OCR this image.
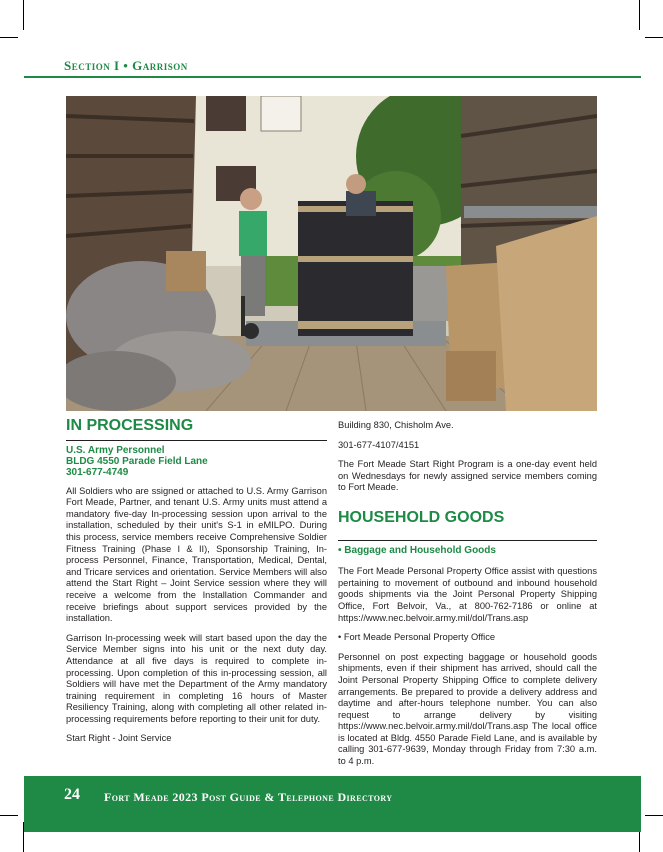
Section I • Garrison
IN PROCESSING
U.S. Army Personnel
BLDG 4550 Parade Field Lane
301-677-4749

All Soldiers who are ssigned or attached to U.S. Army Garrison Fort Meade, Partner, and tenant U.S. Army units must attend a mandatory five-day In-processing session upon arrival to the installation, scheduled by their unit's S-1 in eMILPO. During this process, service members receive Comprehensive Soldier Fitness Training (Phase I & II), Sponsorship Training, In-process Personnel, Finance, Transportation, Medical, Dental, and Tricare services and orientation. Service Members will also attend the Start Right – Joint Service session where they will receive a welcome from the Installation Commander and receive briefings about support services provided by the installation.

Garrison In-processing week will start based upon the day the Service Member signs into his unit or the next duty day. Attendance at all five days is required to complete in-processing. Upon completion of this in-processing session, all Soldiers will have met the Department of the Army mandatory training requirement in completing 16 hours of Master Resiliency Training, along with completing all other related in-processing requirements before reporting to their unit for duty.

Start Right - Joint Service

Building 830, Chisholm Ave.

301-677-4107/4151

The Fort Meade Start Right Program is a one-day event held on Wednesdays for newly assigned service members coming to Fort Meade.

HOUSEHOLD GOODS
• Baggage and Household Goods

The Fort Meade Personal Property Office assist with questions pertaining to movement of outbound and inbound household goods shipments via the Joint Personal Property Shipping Office, Fort Belvoir, Va., at 800-762-7186 or online at https://www.nec.belvoir.army.mil/dol/Trans.asp

• Fort Meade Personal Property Office

Personnel on post expecting baggage or household goods shipments, even if their shipment has arrived, should call the Joint Personal Property Shipping Office to complete delivery arrangements. Be prepared to provide a delivery address and daytime and after-hours telephone number. You can also request to arrange delivery by visiting https://www.nec.belvoir.army.mil/dol/Trans.asp The local office is located at Bldg. 4550 Parade Field Lane, and is available by calling 301-677-9639, Monday through Friday from 7:30 a.m. to 4 p.m.

24 Fort Meade 2023 Post Guide & Telephone Directory
